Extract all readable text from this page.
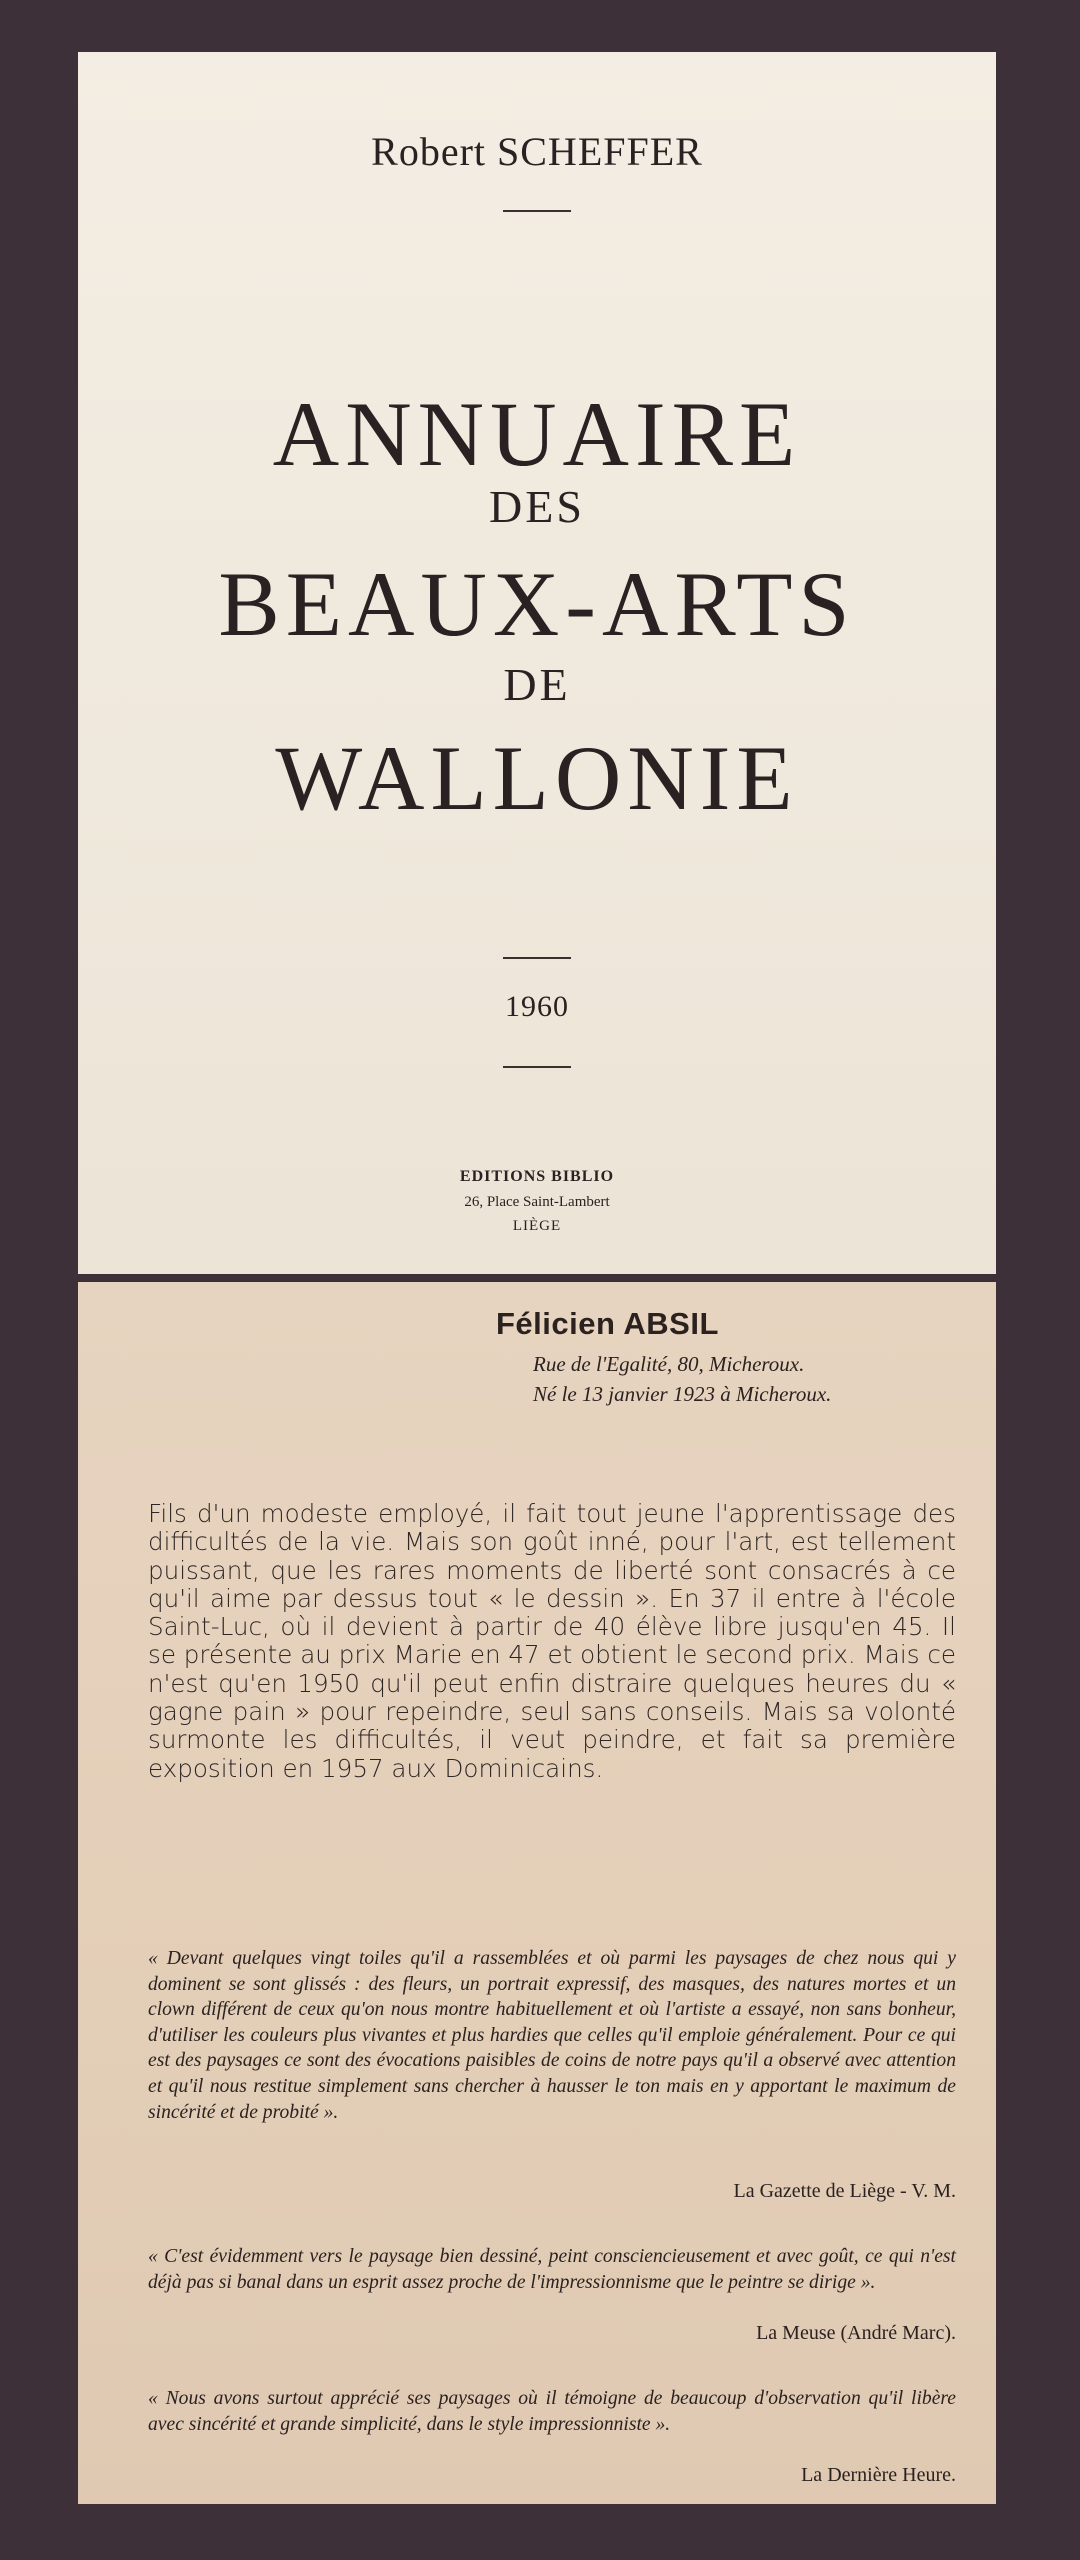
Robert SCHEFFER
ANNUAIRE
DES
BEAUX-ARTS
DE
WALLONIE
1960
EDITIONS BIBLIO
26, Place Saint-Lambert
LIÈGE
Félicien ABSIL
Rue de l'Egalité, 80, Micheroux.
Né le 13 janvier 1923 à Micheroux.
Fils d'un modeste employé, il fait tout jeune l'apprentissage des difficultés de la vie. Mais son goût inné, pour l'art, est tellement puissant, que les rares moments de liberté sont consacrés à ce qu'il aime par dessus tout « le dessin ». En 37 il entre à l'école Saint-Luc, où il devient à partir de 40 élève libre jusqu'en 45. Il se présente au prix Marie en 47 et obtient le second prix. Mais ce n'est qu'en 1950 qu'il peut enfin distraire quelques heures du « gagne pain » pour repeindre, seul sans conseils. Mais sa volonté surmonte les difficultés, il veut peindre, et fait sa première exposition en 1957 aux Dominicains.
« Devant quelques vingt toiles qu'il a rassemblées et où parmi les paysages de chez nous qui y dominent se sont glissés : des fleurs, un portrait expressif, des masques, des natures mortes et un clown différent de ceux qu'on nous montre habituellement et où l'artiste a essayé, non sans bonheur, d'utiliser les couleurs plus vivantes et plus hardies que celles qu'il emploie généralement. Pour ce qui est des paysages ce sont des évocations paisibles de coins de notre pays qu'il a observé avec attention et qu'il nous restitue simplement sans chercher à hausser le ton mais en y apportant le maximum de sincérité et de probité ».
La Gazette de Liège - V. M.
« C'est évidemment vers le paysage bien dessiné, peint consciencieusement et avec goût, ce qui n'est déjà pas si banal dans un esprit assez proche de l'impressionnisme que le peintre se dirige ».
La Meuse (André Marc).
« Nous avons surtout apprécié ses paysages où il témoigne de beaucoup d'observation qu'il libère avec sincérité et grande simplicité, dans le style impressionniste ».
La Dernière Heure.
